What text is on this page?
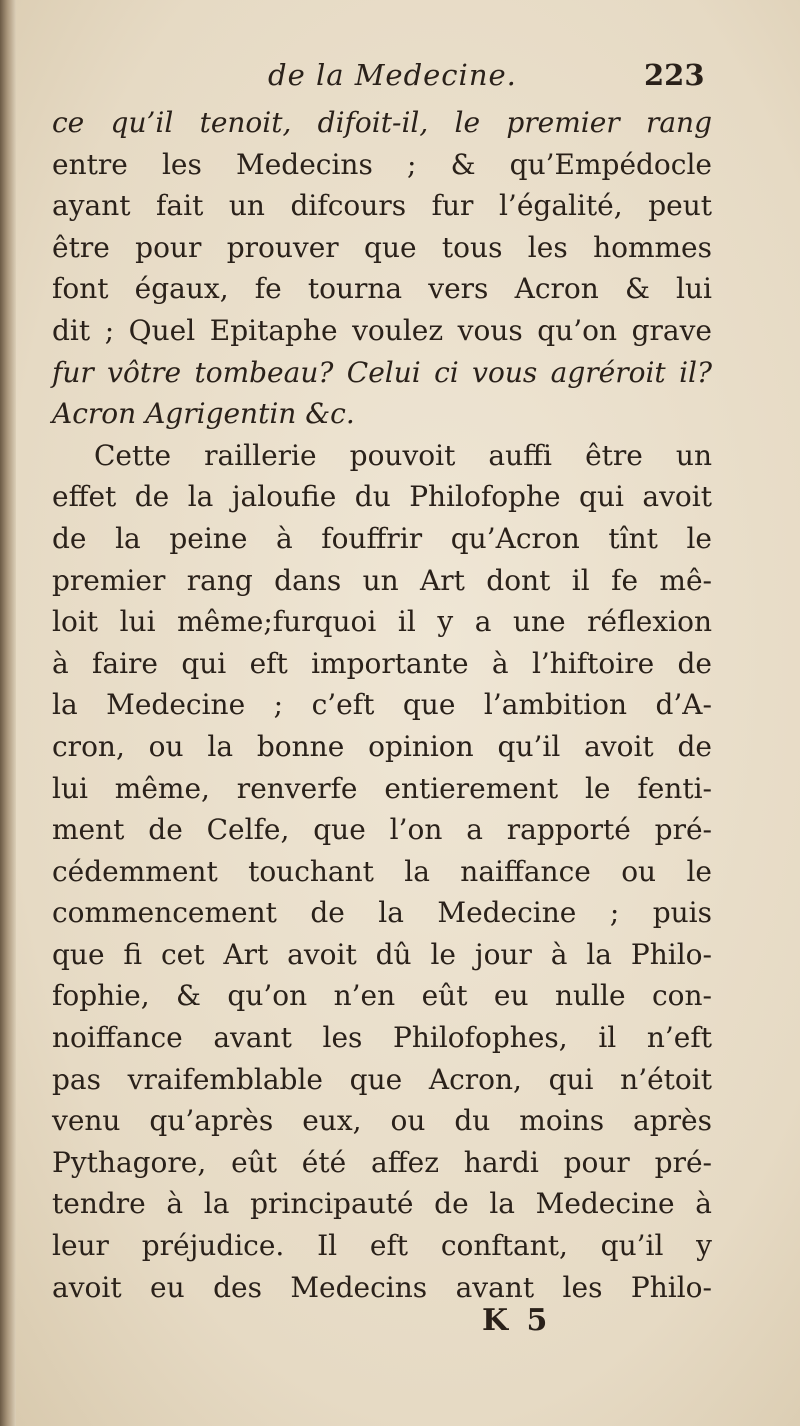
de la Medecine.	223
ce qu’il tenoit, difoit-il, le premier rang
entre les Medecins ; & qu’Empédocle
ayant fait un difcours fur l’égalité, peut
être pour prouver que tous les hommes
font égaux, fe tourna vers Acron & lui
dit ; Quel Epitaphe voulez vous qu’on grave
fur vôtre tombeau? Celui ci vous agréroit il?
Acron Agrigentin &c.
Cette raillerie pouvoit auffi être un
effet de la jaloufie du Philofophe qui avoit
de la peine à fouffrir qu’Acron tînt le
premier rang dans un Art dont il fe mê-
loit lui même;furquoi il y a une réflexion
à faire qui eft importante à l’hiftoire de
la Medecine ; c’eft que l’ambition d’A-
cron, ou la bonne opinion qu’il avoit de
lui même, renverfe entierement le fenti-
ment de Celfe, que l’on a rapporté pré-
cédemment touchant la naiffance ou le
commencement de la Medecine ; puis
que fi cet Art avoit dû le jour à la Philo-
fophie, & qu’on n’en eût eu nulle con-
noiffance avant les Philofophes, il n’eft
pas vraifemblable que Acron, qui n’étoit
venu qu’après eux, ou du moins après
Pythagore, eût été affez hardi pour pré-
tendre à la principauté de la Medecine à
leur préjudice. Il eft conftant, qu’il y
avoit eu des Medecins avant les Philo-
K 5
